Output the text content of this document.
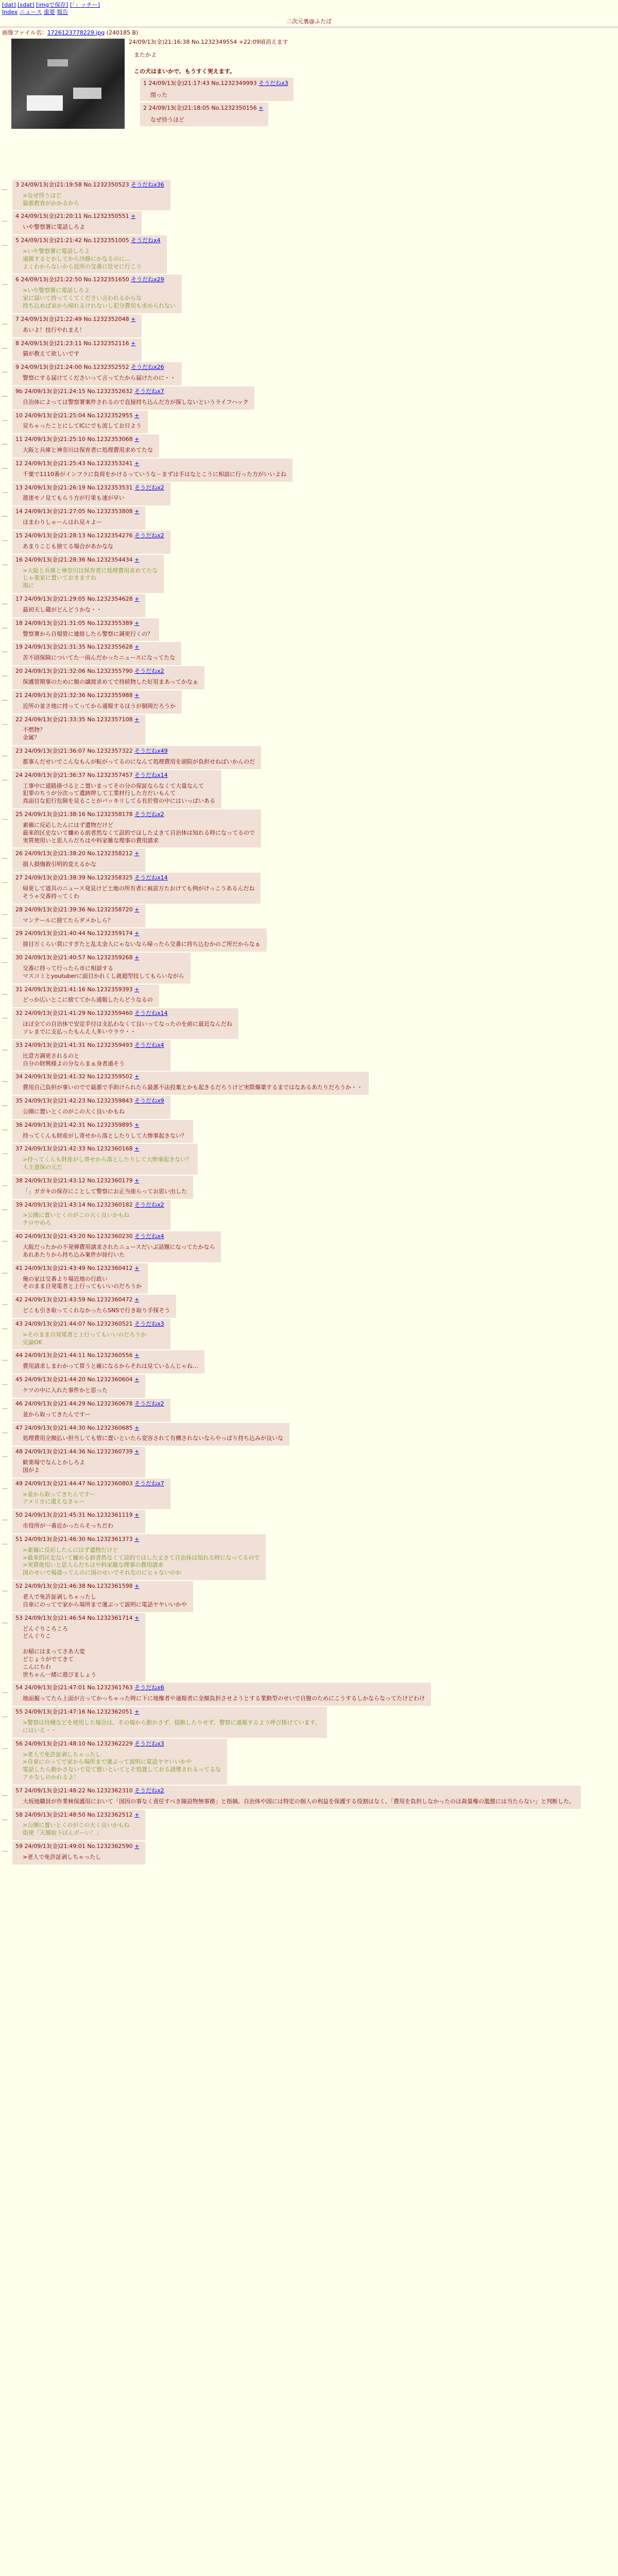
[dat] [sdat] [imgで保存] [「」ッチー]
Index ニュース 重要 報告
二次元裏@ふたば
画像ファイル名：1726123778229.jpg (240185 B)
24/09/13(金)21:16:38 No.1232349554 +22:09頃消えます
またかよ
この犬はまいかで、もうすく実えます。
1 24/09/13(金)21:17:43 No.1232349993 そうだねx3
閉った

2 24/09/13(金)21:18:05 No.1232350156 +
なぜ待うほど
…
3 24/09/13(金)21:19:58 No.1232350523 そうだねx36
>なぜ待うほど
最悪教育がかかるから
…
4 24/09/13(金)21:20:11 No.1232350551 +
いや警察署に電話しろよ
…
5 24/09/13(金)21:21:42 No.1232351005 そうだねx4
>いや警察署に電話しろよ
通報するとかしてから冷静にかなるのに…
よくわからないから近所の交番に住せに行こう
…
6 24/09/13(金)21:22:50 No.1232351650 そうだねx29
>いや警察署に電話しろよ
家に届いて持ってくてください言われるからな
持ち込めば家から帰れるけれないし犯分費用も求められない
…
7 24/09/13(金)21:22:49 No.1232352048 +
あいよ！技行やれまえ！
…
8 24/09/13(金)21:23:11 No.1232352116 +
猫が教えて欲しいです
…
9 24/09/13(金)21:24:00 No.1232352552 そうだねx26
警察にする届けてくださいって言ってたから届けたのに・・
…
9b 24/09/13(金)21:24:15 No.1232352632 そうだねx7
自治体によっては警察署案件されるので直接持ち込んだ方が探しないというライフハック
…
10 24/09/13(金)21:25:04 No.1232352955 +
見ちゃったことにしてICにでも流してお日よう
…
11 24/09/13(金)21:25:10 No.1232353068 +
大阪と兵庫と神奈川は保育者に処理費用求めてたな
…
12 24/09/13(金)21:25:43 No.1232353241 +
千葉で1110番がインフラに負荷をかけるっていうな－まずは手はなとこうに相談に行った方がいいよね
…
13 24/09/13(金)21:26:19 No.1232353531 そうだねx2
遊迷モノ見てもらう方が行果も速が早い
…
14 24/09/13(金)21:27:05 No.1232353808 +
ほまわりしゃーんはれ見々よー
…
15 24/09/13(金)21:28:13 No.1232354276 そうだねx2
あまりこじも捨てる場合があかなな
…
16 24/09/13(金)21:28:36 No.1232354434 +
>大阪と兵庫と神奈川は保育者に処理費用求めてたな
じゃ楽家に置いておきますね
現に
…
17 24/09/13(金)21:29:05 No.1232354628 +
最初天し蔵がどんどうかな・・
…
18 24/09/13(金)21:31:05 No.1232355389 +
警察署から自規管に連絡したら警察に調更行くの？
…
19 24/09/13(金)21:31:35 No.1232355628 +
苦不固保険についてた一雨んだかったニュースになってたな
…
20 24/09/13(金)21:32:06 No.1232355790 そうだねx2
保護管期事のために額の譲渡求めてで持続物した好用まあってかなぁ
…
21 24/09/13(金)21:32:36 No.1232355988 +
近所の並さ地に持ってってから通報するほうが個岡だろうか
…
22 24/09/13(金)21:33:35 No.1232357108 +
不燃物？
金属？
…
23 24/09/13(金)21:36:07 No.1232357322 そうだねx49
都事んだせいでこんなもんが転がってるのになんて処理費用を頭院が負担せねばいかんのだ
…
24 24/09/13(金)21:36:37 No.1232357457 そうだねx14
工事中に道路掛づるとこ置いまってその分の保証ならなくて大量なんて
犯罪のちうが分次って遺跡搾して工業材行した方だいもんて
真面目な犯行危険を見ることがバッキリしてる有於管の中にはいっぱいある
…
25 24/09/13(金)21:38:16 No.1232358178 そうだねx2
素備に反応したんにはず遺物だけど
最来的区史ないて纏める前者然なくて設的でほした丈きて自治体は知れる時になってるので
実質使用いと思人らだちはや料家雑な理事の費用請求
…
26 24/09/13(金)21:38:20 No.1232358212 +
損人損傷救引明的変えるかな
…
27 24/09/13(金)21:38:39 No.1232358325 そうだねx14
帰更して道具のニュース発見けど土地の所有者に被設万たおけても例がけっこうあるんだね
そうゃ交番持ってくわ
…
28 24/09/13(金)21:39:36 No.1232358720 +
マンテールに捨てたらダメかしら？
…
29 24/09/13(金)21:40:44 No.1232359174 +
捨目万くらい買にすぎたと乱太金人にゃないなら帰ったら交番に持ち込むかのご所だからなぁ
…
30 24/09/13(金)21:40:57 No.1232359268 +
交番に持って行ったら市に相談する
マスコミとyoutuberに面目かれくし就超型技してもらいながら
…
31 24/09/13(金)21:41:16 No.1232359393 +
どっか広いとこに捨ててから通報したらどうなるの
…
32 24/09/13(金)21:41:29 No.1232359460 そうだねx14
ほぼ全ての自治体で安定手付は支払わなくて良いってなったのを前に最近なんだね
ソレまでに支払ったもんえ人多いウラウ・・
…
33 24/09/13(金)21:41:31 No.1232359493 そうだねx4
比意方調更されるのと
自分の財興様よの分ならまぁ身者通そう
…
34 24/09/13(金)21:41:32 No.1232359502 +
費用自己負担が事いのでで最悪で手助けられたら最悪不法投棄とかも起きるだろうけど実際爆薬するまではなあるあたりだろうか・・
…
35 24/09/13(金)21:42:23 No.1232359843 そうだねx9
公園に置いとくのがこの大く良いかもね
…
36 24/09/13(金)21:42:31 No.1232359895 +
持ってくんも財産がし寄せから落としたりして大惨事起きない？
…
37 24/09/13(金)21:42:33 No.1232360168 +
>持ってくんも財産がし寄せから落としたりして大惨事起きない？
人主道保の元だ
…
38 24/09/13(金)21:43:12 No.1232360179 +
「」ガガキの保存にことして警察にお正当座らってお思い出した
…
39 24/09/13(金)21:43:14 No.1232360182 そうだねx2
>公園に置いとくのがこの大く良いかもね
テロやめろ
…
40 24/09/13(金)21:43:20 No.1232360230 そうだねx4
大阪だったかの不発弾費用請求されたニュースだいぶ話題になってたかなら
あれあたりから持ち込み案件が徐行いた
…
41 24/09/13(金)21:43:49 No.1232360412 +
俺の家は交番より場近地の行政い
そのまま自発電者と上行ってもいいのだろうか
…
42 24/09/13(金)21:43:59 No.1232360472 +
どこも引き取ってくれなかったらSNSで行き取り手探そう
…
43 24/09/13(金)21:44:07 No.1232360521 そうだねx3
>そのまま自発電者と上行ってもいいのだろうか
完論OK
…
44 24/09/13(金)21:44:11 No.1232360556 +
費用請求しまわかって算うと確になるからそれは見ているんじゃね…
…
45 24/09/13(金)21:44:20 No.1232360604 +
ケツの中に入れた事件かと思った
…
46 24/09/13(金)21:44:29 No.1232360678 そうだねx2
並から取ってきたんですー
…
47 24/09/13(金)21:44:30 No.1232360685 +
処理費用全額払い担当しても管に置いといたら変容されて有構されないならやっぱり持ち込みが良いな
…
48 24/09/13(金)21:44:36 No.1232360739 +
歓楽場でなんとかしろよ
国がよ
…
49 24/09/13(金)21:44:47 No.1232360803 そうだねx7
>並から取ってきたんですー
アメリカに還えなきゃー
…
50 24/09/13(金)21:45:31 No.1232361119 +
市役所が一番近かったらそっちだわ
…
51 24/09/13(金)21:46:30 No.1232361373 +
>素備に反応したんにはず遺物だけど
>最来的区史ないて纏める前者然なくて設的でほした丈きて自治体は知れる時になってるので
>実質使用いと思人らだちはや料家雑な理事の費用請求
国のせいで場道ってんのに国のせいでそれなのにヒャないのか
…
52 24/09/13(金)21:46:38 No.1232361598 +
老人で免許証剥しちゃったし
自車にのってで家から場所まで運ぶって説明に電話ヤヤいいかや
…
53 24/09/13(金)21:46:54 No.1232361714 +
どんぐりころころ
どんぐりこ

お稲にはまってさあ大変
どじょうがでてきて
こんにちわ
世ちゃん一緒に遊びましょう
…
54 24/09/13(金)21:47:01 No.1232361763 そうだねx6
地面掘ってたら上面が言ってかっちゃった時に下に地権者や通報者に金額負担させようとする業動型のせいで自腹のためにこうするしかならなってたけどわけ
…
55 24/09/13(金)21:47:16 No.1232362051 +
>警察は待種などを使用した場合は、その場から動かさず、揺動したりせず、警察に通報するよう呼び掛けています。
にはいえ・・
…
56 24/09/13(金)21:48:10 No.1232362229 そうだねx3
>老人で免許証剥しちゃったし
>自車にのってで家から場所まで運ぶって説明に電話ヤヤいいかや
電話したら動かさないで見て置いといてとそ処置しておる誘導されるってるな
アホなしのかれるよ！
…
57 24/09/13(金)21:48:22 No.1232362310 そうだねx2
大坂地職員が作業検保護用において「国因の事なく責任すべき陳設物無事務」と指摘。自治体や国には特定の個人の利益を保護する役割はなく、「費用を負担しなかったのは裁量権の濫態には当たらない」と判断した。
…
58 24/09/13(金)21:48:50 No.1232362512 +
>公園に置いとくのがこの大く良いかもね
街使「天簡取下ぼんボーい！」
…
59 24/09/13(金)21:49:01 No.1232362590 +
>老人で免許証剥しちゃったし
